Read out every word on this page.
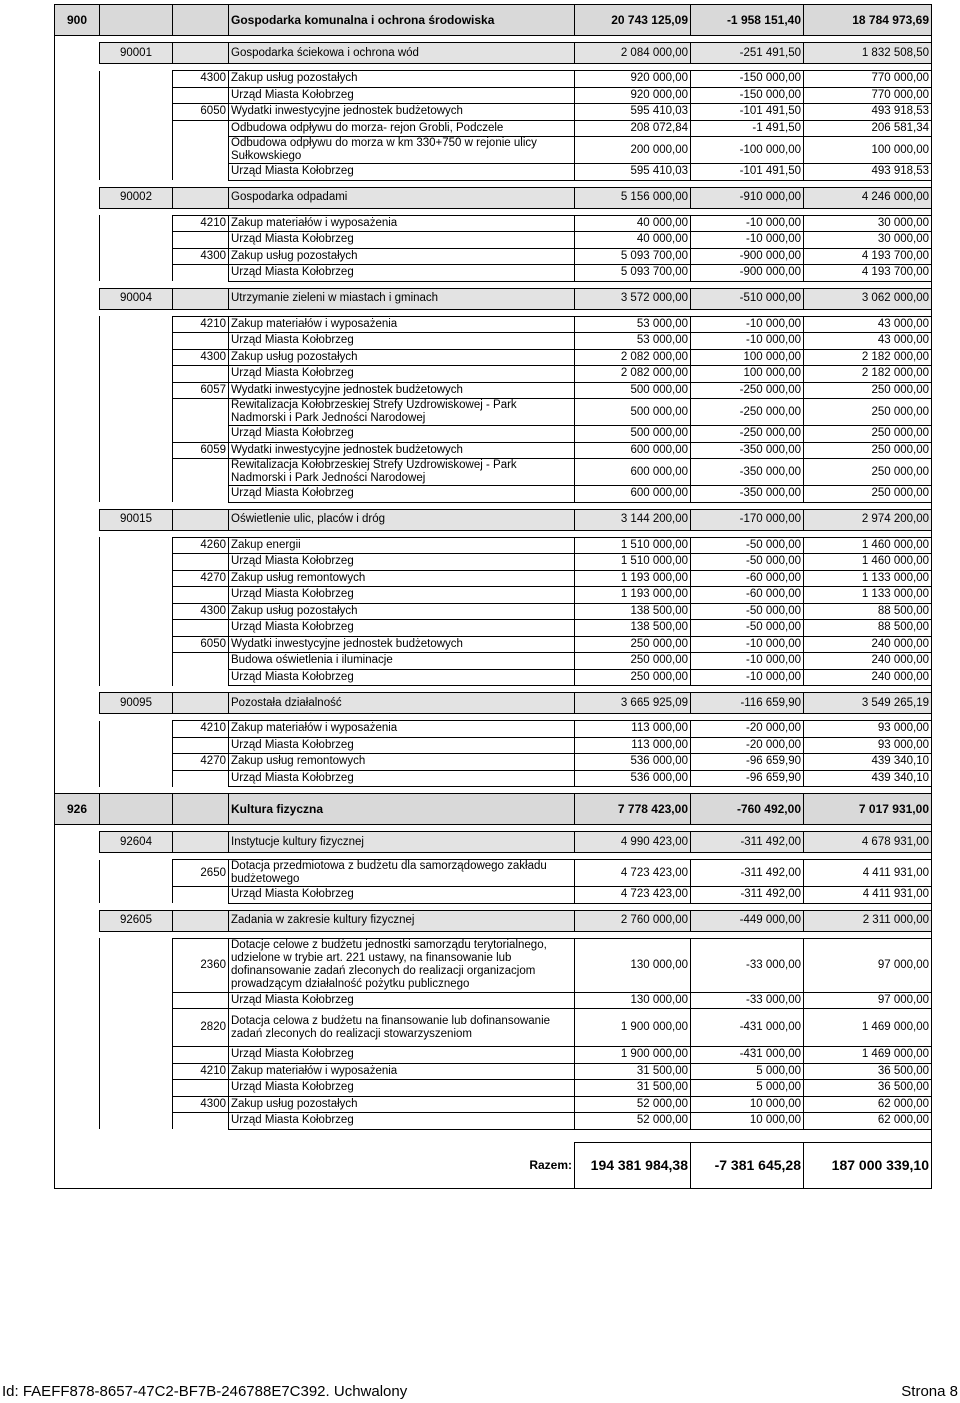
900			Gospodarka komunalna i ochrona środowiska	20 743 125,09	-1 958 151,40	18 784 973,69

	90001		Gospodarka ściekowa i ochrona wód	2 084 000,00	-251 491,50	1 832 508,50

		4300	Zakup usług pozostałych	920 000,00	-150 000,00	770 000,00
			Urząd Miasta Kołobrzeg	920 000,00	-150 000,00	770 000,00
		6050	Wydatki inwestycyjne jednostek budżetowych	595 410,03	-101 491,50	493 918,53
			Odbudowa odpływu do morza- rejon Grobli, Podczele	208 072,84	-1 491,50	206 581,34
			Odbudowa odpływu do morza w km 330+750 w rejonie ulicy Sułkowskiego	200 000,00	-100 000,00	100 000,00
			Urząd Miasta Kołobrzeg	595 410,03	-101 491,50	493 918,53

	90002		Gospodarka odpadami	5 156 000,00	-910 000,00	4 246 000,00

		4210	Zakup materiałów i wyposażenia	40 000,00	-10 000,00	30 000,00
			Urząd Miasta Kołobrzeg	40 000,00	-10 000,00	30 000,00
		4300	Zakup usług pozostałych	5 093 700,00	-900 000,00	4 193 700,00
			Urząd Miasta Kołobrzeg	5 093 700,00	-900 000,00	4 193 700,00

	90004		Utrzymanie zieleni w miastach i gminach	3 572 000,00	-510 000,00	3 062 000,00

		4210	Zakup materiałów i wyposażenia	53 000,00	-10 000,00	43 000,00
			Urząd Miasta Kołobrzeg	53 000,00	-10 000,00	43 000,00
		4300	Zakup usług pozostałych	2 082 000,00	100 000,00	2 182 000,00
			Urząd Miasta Kołobrzeg	2 082 000,00	100 000,00	2 182 000,00
		6057	Wydatki inwestycyjne jednostek budżetowych	500 000,00	-250 000,00	250 000,00
			Rewitalizacja Kołobrzeskiej Strefy Uzdrowiskowej - Park Nadmorski i Park Jedności Narodowej	500 000,00	-250 000,00	250 000,00
			Urząd Miasta Kołobrzeg	500 000,00	-250 000,00	250 000,00
		6059	Wydatki inwestycyjne jednostek budżetowych	600 000,00	-350 000,00	250 000,00
			Rewitalizacja Kołobrzeskiej Strefy Uzdrowiskowej - Park Nadmorski i Park Jedności Narodowej	600 000,00	-350 000,00	250 000,00
			Urząd Miasta Kołobrzeg	600 000,00	-350 000,00	250 000,00

	90015		Oświetlenie ulic, placów i dróg	3 144 200,00	-170 000,00	2 974 200,00

		4260	Zakup energii	1 510 000,00	-50 000,00	1 460 000,00
			Urząd Miasta Kołobrzeg	1 510 000,00	-50 000,00	1 460 000,00
		4270	Zakup usług remontowych	1 193 000,00	-60 000,00	1 133 000,00
			Urząd Miasta Kołobrzeg	1 193 000,00	-60 000,00	1 133 000,00
		4300	Zakup usług pozostałych	138 500,00	-50 000,00	88 500,00
			Urząd Miasta Kołobrzeg	138 500,00	-50 000,00	88 500,00
		6050	Wydatki inwestycyjne jednostek budżetowych	250 000,00	-10 000,00	240 000,00
			Budowa oświetlenia i iluminacje	250 000,00	-10 000,00	240 000,00
			Urząd Miasta Kołobrzeg	250 000,00	-10 000,00	240 000,00

	90095		Pozostała działalność	3 665 925,09	-116 659,90	3 549 265,19

		4210	Zakup materiałów i wyposażenia	113 000,00	-20 000,00	93 000,00
			Urząd Miasta Kołobrzeg	113 000,00	-20 000,00	93 000,00
		4270	Zakup usług remontowych	536 000,00	-96 659,90	439 340,10
			Urząd Miasta Kołobrzeg	536 000,00	-96 659,90	439 340,10

926			Kultura fizyczna	7 778 423,00	-760 492,00	7 017 931,00

	92604		Instytucje kultury fizycznej	4 990 423,00	-311 492,00	4 678 931,00

		2650	Dotacja przedmiotowa z budżetu dla samorządowego zakładu budżetowego	4 723 423,00	-311 492,00	4 411 931,00
			Urząd Miasta Kołobrzeg	4 723 423,00	-311 492,00	4 411 931,00

	92605		Zadania w zakresie kultury fizycznej	2 760 000,00	-449 000,00	2 311 000,00

		2360	Dotacje celowe z budżetu jednostki samorządu terytorialnego, udzielone w trybie art. 221 ustawy, na finansowanie lub dofinansowanie zadań zleconych do realizacji organizacjom prowadzącym działalność pożytku publicznego	130 000,00	-33 000,00	97 000,00
			Urząd Miasta Kołobrzeg	130 000,00	-33 000,00	97 000,00
		2820	Dotacja celowa z budżetu na finansowanie lub dofinansowanie zadań zleconych do realizacji stowarzyszeniom	1 900 000,00	-431 000,00	1 469 000,00
			Urząd Miasta Kołobrzeg	1 900 000,00	-431 000,00	1 469 000,00
		4210	Zakup materiałów i wyposażenia	31 500,00	5 000,00	36 500,00
			Urząd Miasta Kołobrzeg	31 500,00	5 000,00	36 500,00
		4300	Zakup usług pozostałych	52 000,00	10 000,00	62 000,00
			Urząd Miasta Kołobrzeg	52 000,00	10 000,00	62 000,00

Razem:				194 381 984,38	-7 381 645,28	187 000 339,10
Id: FAEFF878-8657-47C2-BF7B-246788E7C392. Uchwalony	Strona 8
